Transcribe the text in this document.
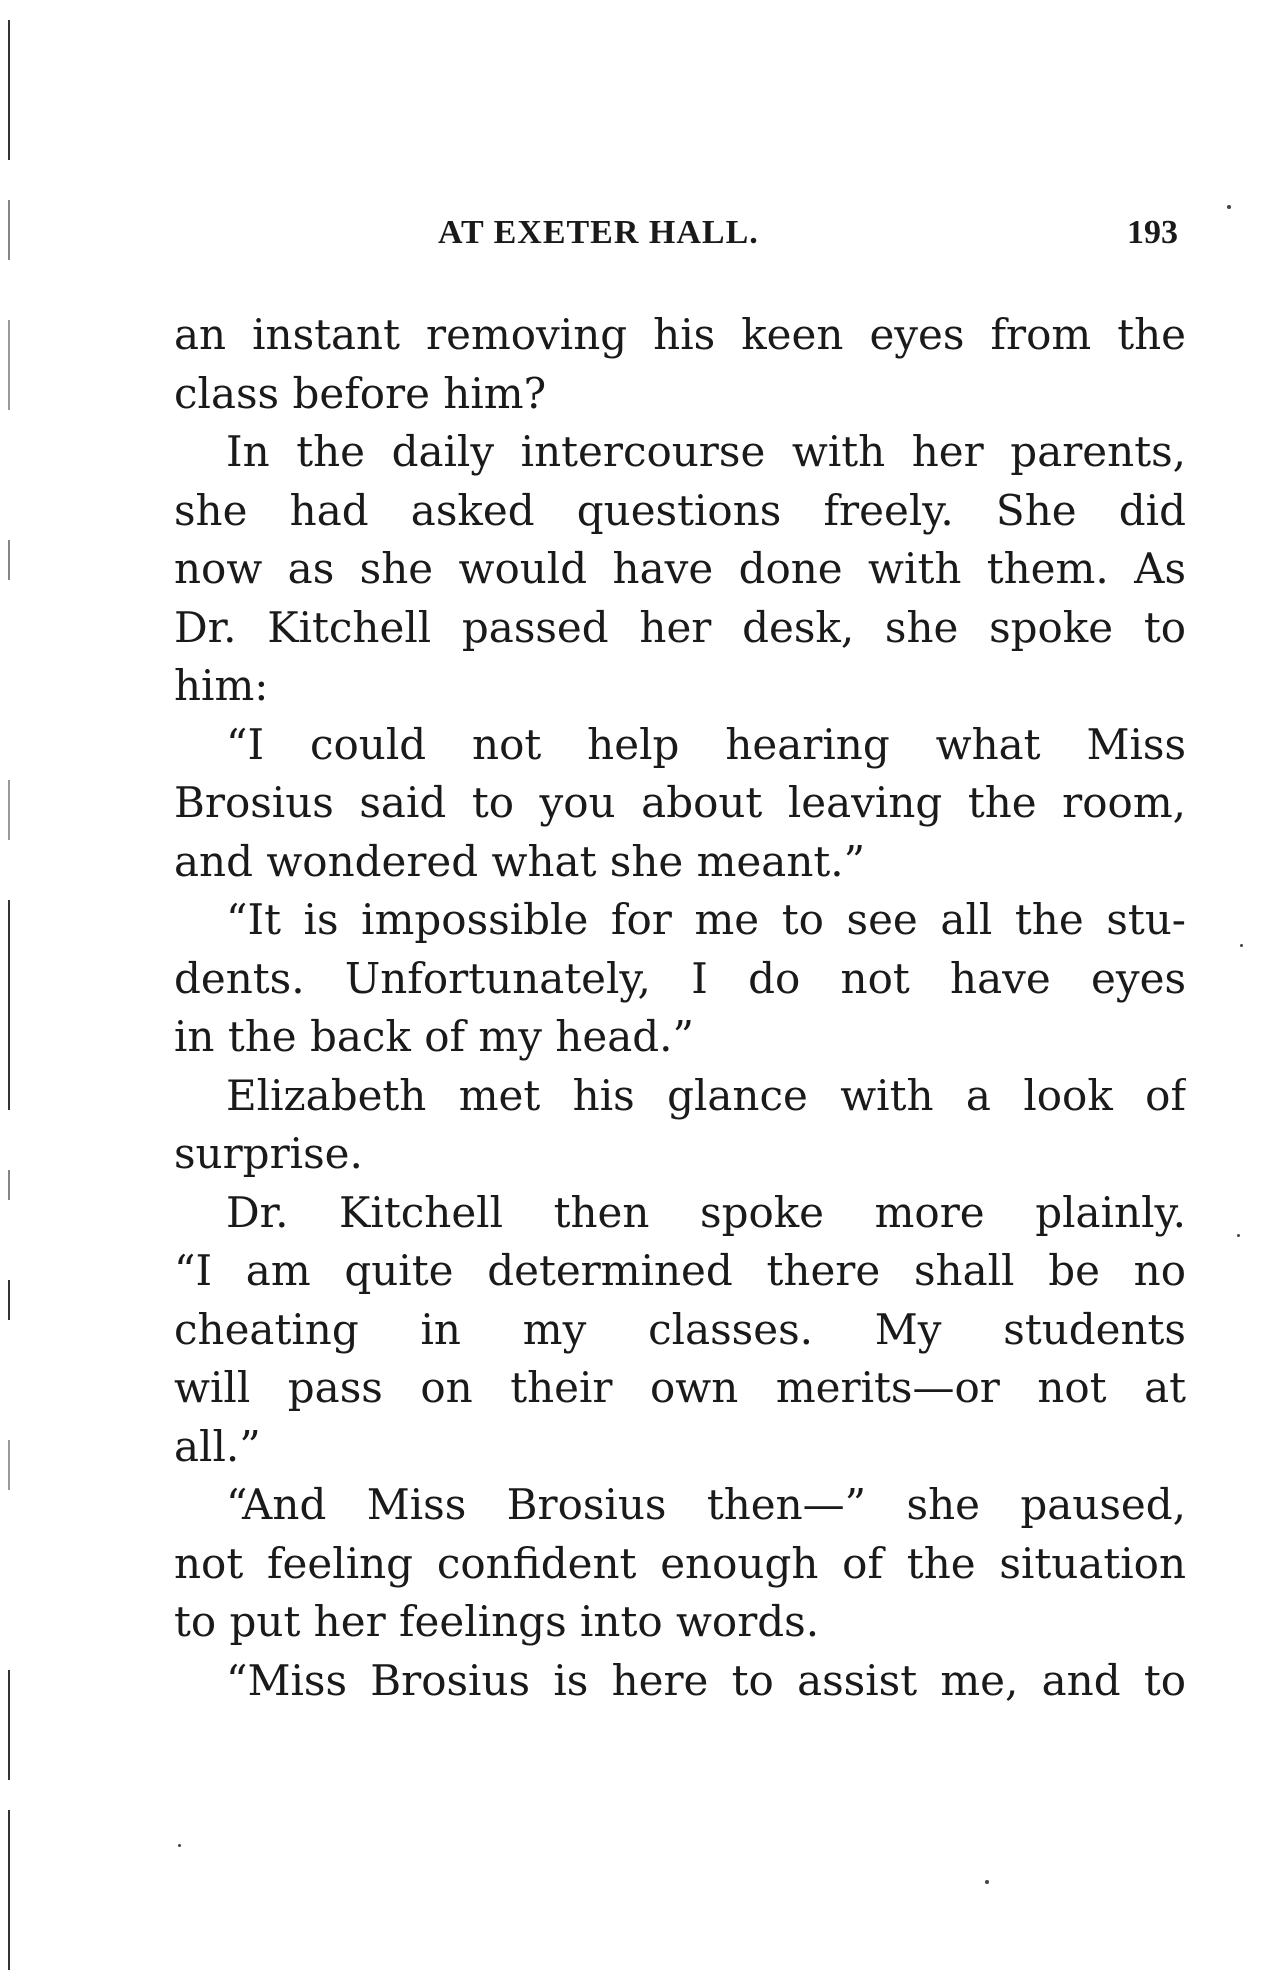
AT EXETER HALL.	193
an instant removing his keen eyes from the
class before him?
In the daily intercourse with her parents,
she had asked questions freely. She did
now as she would have done with them. As
Dr. Kitchell passed her desk, she spoke to
him:
“I could not help hearing what Miss
Brosius said to you about leaving the room,
and wondered what she meant.”
“It is impossible for me to see all the stu-
dents. Unfortunately, I do not have eyes
in the back of my head.”
Elizabeth met his glance with a look of
surprise.
Dr. Kitchell then spoke more plainly.
“I am quite determined there shall be no
cheating in my classes. My students
will pass on their own merits—or not at
all.”
“And Miss Brosius then—” she paused,
not feeling confident enough of the situation
to put her feelings into words.
“Miss Brosius is here to assist me, and to
